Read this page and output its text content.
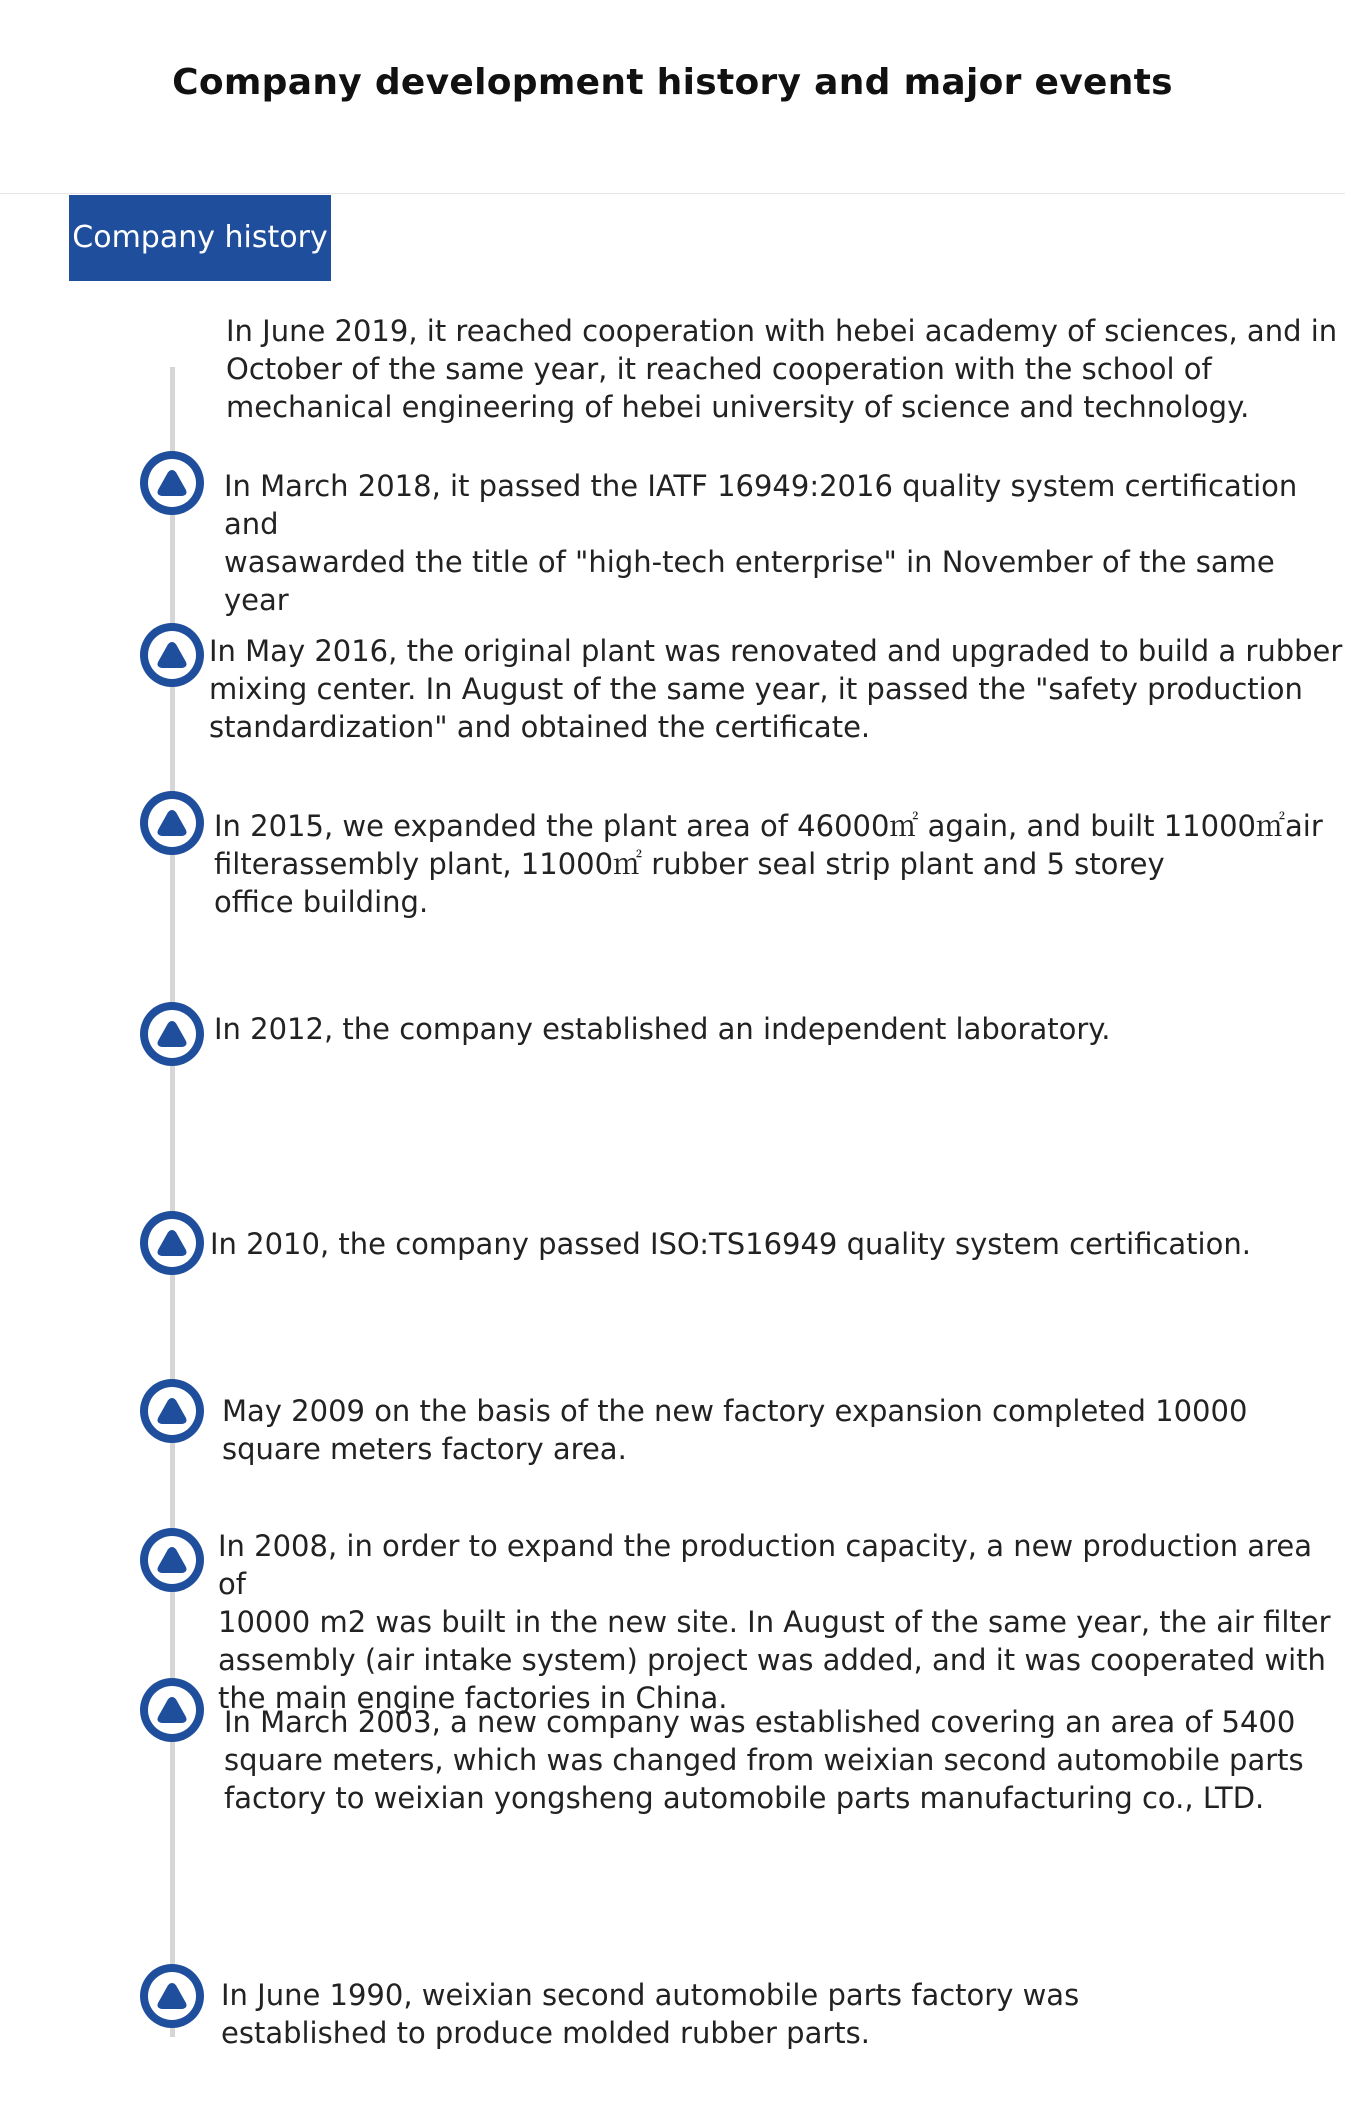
Company development history and major events
Company history
In June 2019, it reached cooperation with hebei academy of sciences, and in
October of the same year, it reached cooperation with the school of
mechanical engineering of hebei university of science and technology.
In March 2018, it passed the IATF 16949:2016 quality system certification and
wasawarded the title of "high-tech enterprise" in November of the same year
In May 2016, the original plant was renovated and upgraded to build a rubber
mixing center. In August of the same year, it passed the "safety production
standardization" and obtained the certificate.
In 2015, we expanded the plant area of 46000㎡ again, and built 11000㎡air
filterassembly plant, 11000㎡ rubber seal strip plant and 5 storey
office building.
In 2012, the company established an independent laboratory.
In 2010, the company passed ISO:TS16949 quality system certification.
May 2009 on the basis of the new factory expansion completed 10000
square meters factory area.
In 2008, in order to expand the production capacity, a new production area of
10000 m2 was built in the new site. In August of the same year, the air filter
assembly (air intake system) project was added, and it was cooperated with
the main engine factories in China.
In March 2003, a new company was established covering an area of 5400
square meters, which was changed from weixian second automobile parts
factory to weixian yongsheng automobile parts manufacturing co., LTD.
In June 1990, weixian second automobile parts factory was
established to produce molded rubber parts.
